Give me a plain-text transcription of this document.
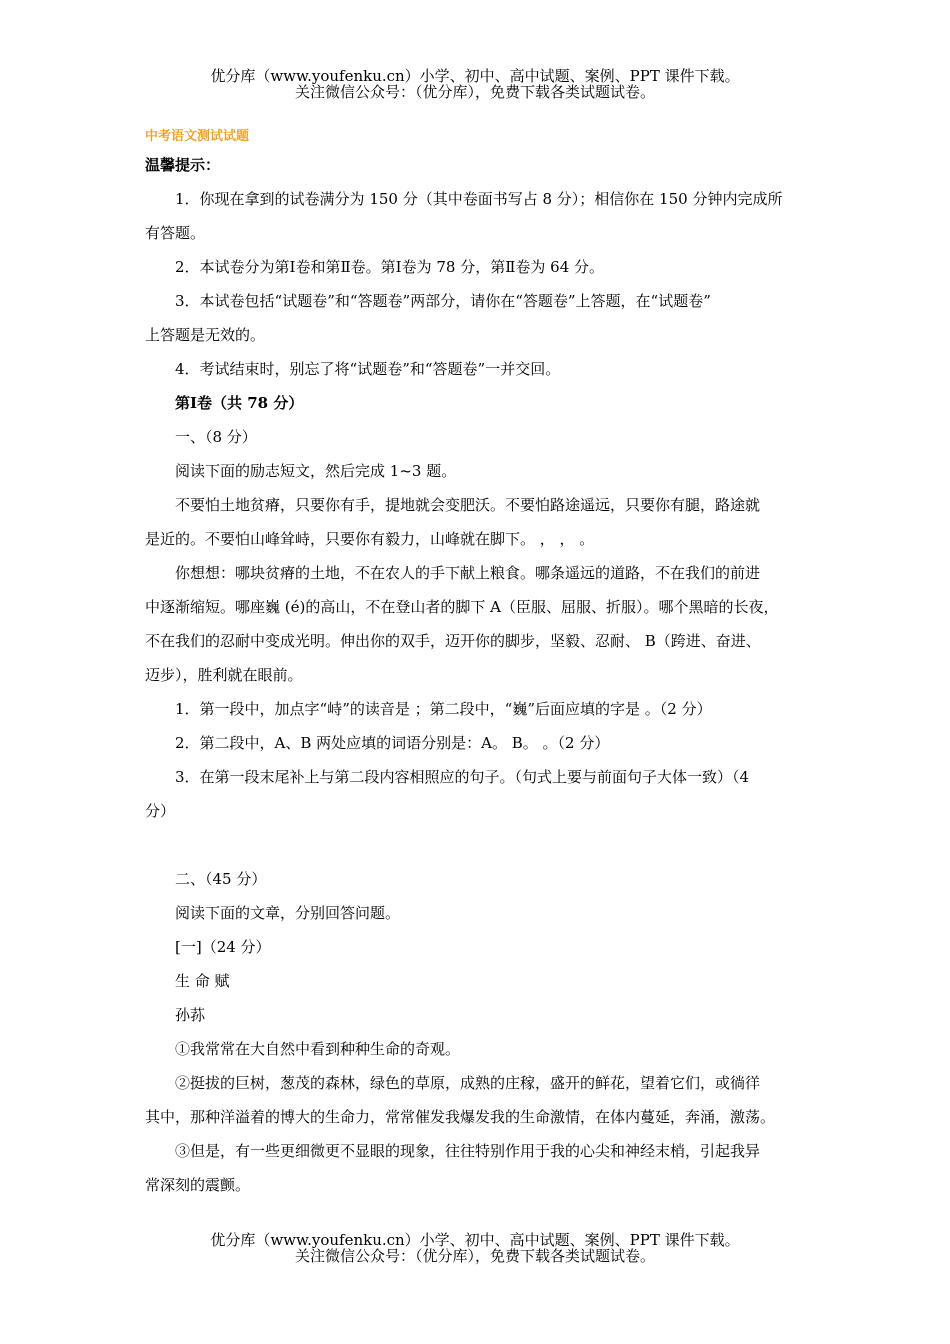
优分库（www.youfenku.cn）小学、初中、高中试题、案例、PPT 课件下载。
关注微信公众号：（优分库），免费下载各类试题试卷。
中考语文测试试题
温馨提示：
1．你现在拿到的试卷满分为 150 分（其中卷面书写占 8 分）；相信你在 150 分钟内完成所
有答题。
2．本试卷分为第Ⅰ卷和第Ⅱ卷。第Ⅰ卷为 78 分，第Ⅱ卷为 64 分。
3．本试卷包括“试题卷”和“答题卷”两部分，请你在“答题卷”上答题，在“试题卷”
上答题是无效的。
4．考试结束时，别忘了将“试题卷”和“答题卷”一并交回。
第Ⅰ卷（共 78 分）
一、（8 分）
阅读下面的励志短文，然后完成 1~3 题。
不要怕土地贫瘠，只要你有手，提地就会变肥沃。不要怕路途遥远，只要你有腿，路途就
是近的。不要怕山峰耸峙，只要你有毅力，山峰就在脚下。 ， ， 。
你想想：哪块贫瘠的土地，不在农人的手下献上粮食。哪条遥远的道路，不在我们的前进
中逐渐缩短。哪座巍 (é)的高山，不在登山者的脚下 A（臣服、屈服、折服）。哪个黑暗的长夜，
不在我们的忍耐中变成光明。伸出你的双手，迈开你的脚步，坚毅、忍耐、 B（跨进、奋进、
迈步），胜利就在眼前。
1．第一段中，加点字“峙”的读音是 ；第二段中，“巍”后面应填的字是 。（2 分）
2．第二段中，A、B 两处应填的词语分别是：A。 B。 。（2 分）
3．在第一段末尾补上与第二段内容相照应的句子。（句式上要与前面句子大体一致）（4
分）
二、（45 分）
阅读下面的文章，分别回答问题。
[一]（24 分）
生 命 赋
孙荪
①我常常在大自然中看到种种生命的奇观。
②挺拔的巨树，葱茂的森林，绿色的草原，成熟的庄稼，盛开的鲜花，望着它们，或徜徉
其中，那种洋溢着的博大的生命力，常常催发我爆发我的生命激情，在体内蔓延，奔涌，激荡。
③但是，有一些更细微更不显眼的现象，往往特别作用于我的心尖和神经末梢，引起我异
常深刻的震颤。
优分库（www.youfenku.cn）小学、初中、高中试题、案例、PPT 课件下载。
关注微信公众号：（优分库），免费下载各类试题试卷。
